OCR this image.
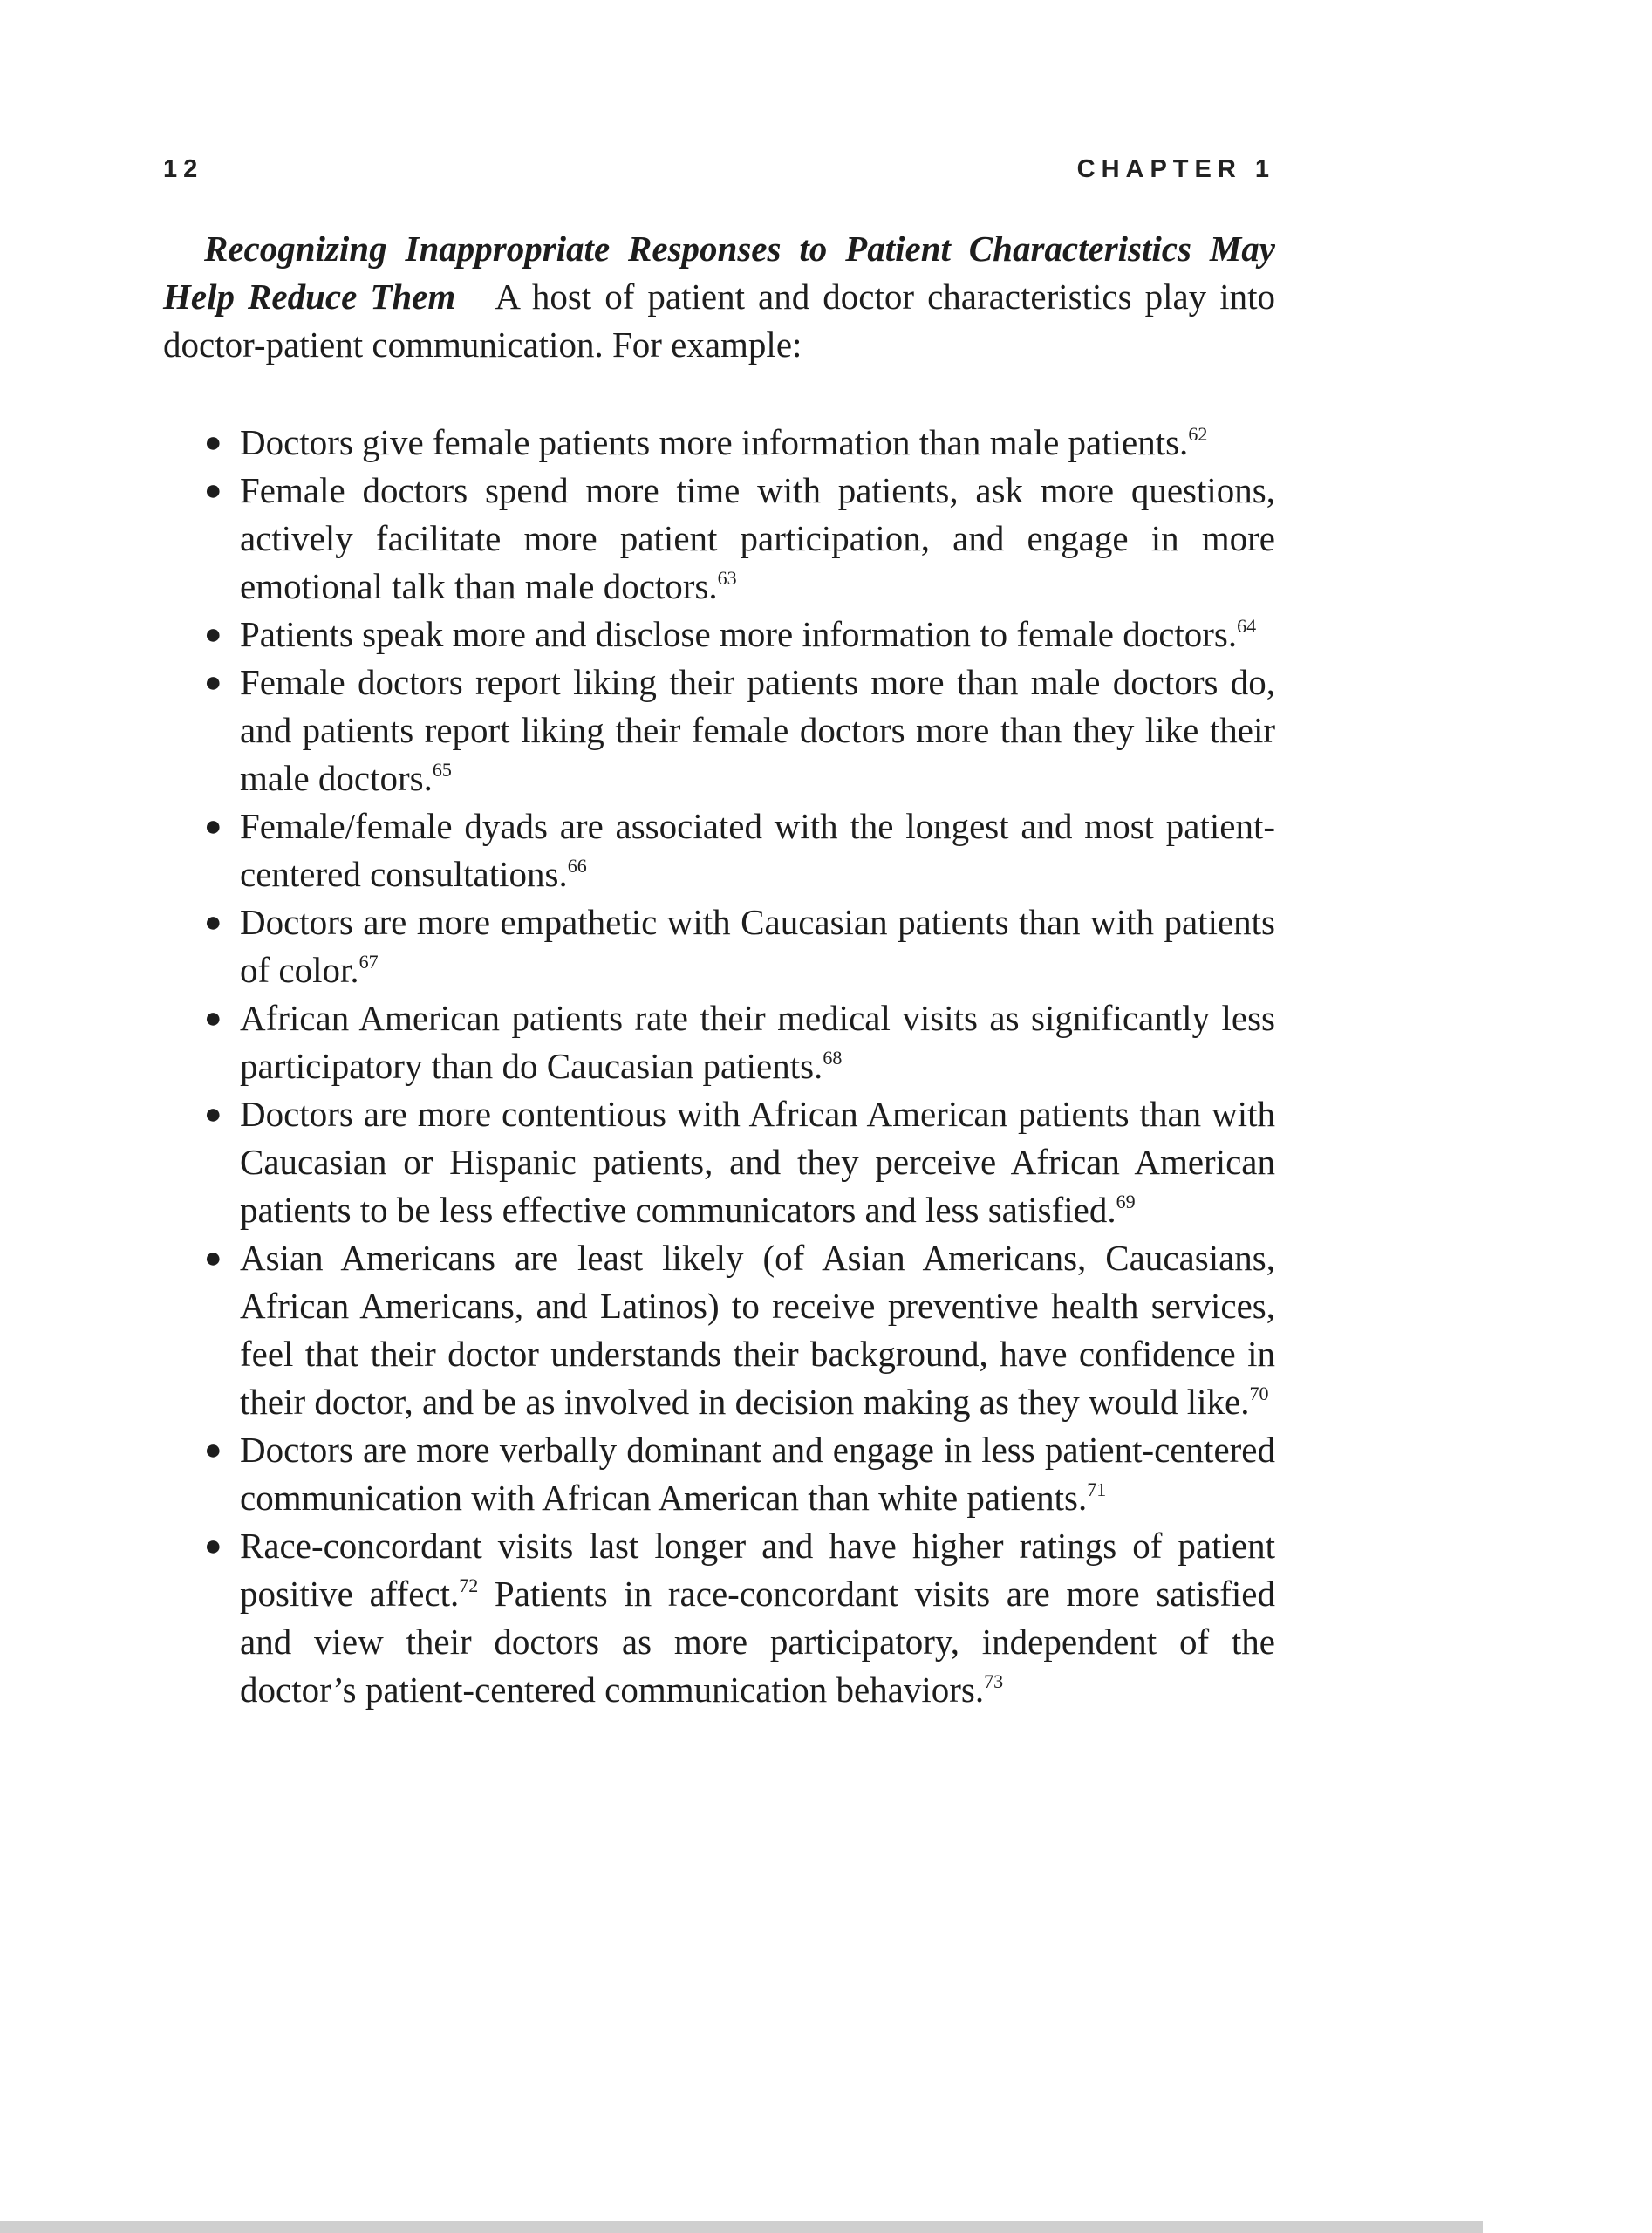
12	CHAPTER 1

Recognizing Inappropriate Responses to Patient Characteristics May Help Reduce Them A host of patient and doctor characteristics play into doctor-patient communication. For example:

● Doctors give female patients more information than male patients.$^{62}$
● Female doctors spend more time with patients, ask more questions, actively facilitate more patient participation, and engage in more emotional talk than male doctors.$^{63}$
● Patients speak more and disclose more information to female doctors.$^{64}$
● Female doctors report liking their patients more than male doctors do, and patients report liking their female doctors more than they like their male doctors.$^{65}$
● Female/female dyads are associated with the longest and most patient-centered consultations.$^{66}$
● Doctors are more empathetic with Caucasian patients than with patients of color.$^{67}$
● African American patients rate their medical visits as significantly less participatory than do Caucasian patients.$^{68}$
● Doctors are more contentious with African American patients than with Caucasian or Hispanic patients, and they perceive African American patients to be less effective communicators and less satisfied.$^{69}$
● Asian Americans are least likely (of Asian Americans, Caucasians, African Americans, and Latinos) to receive preventive health services, feel that their doctor understands their background, have confidence in their doctor, and be as involved in decision making as they would like.$^{70}$
● Doctors are more verbally dominant and engage in less patient-centered communication with African American than white patients.$^{71}$
● Race-concordant visits last longer and have higher ratings of patient positive affect.$^{72}$ Patients in race-concordant visits are more satisfied and view their doctors as more participatory, independent of the doctor’s patient-centered communication behaviors.$^{73}$
